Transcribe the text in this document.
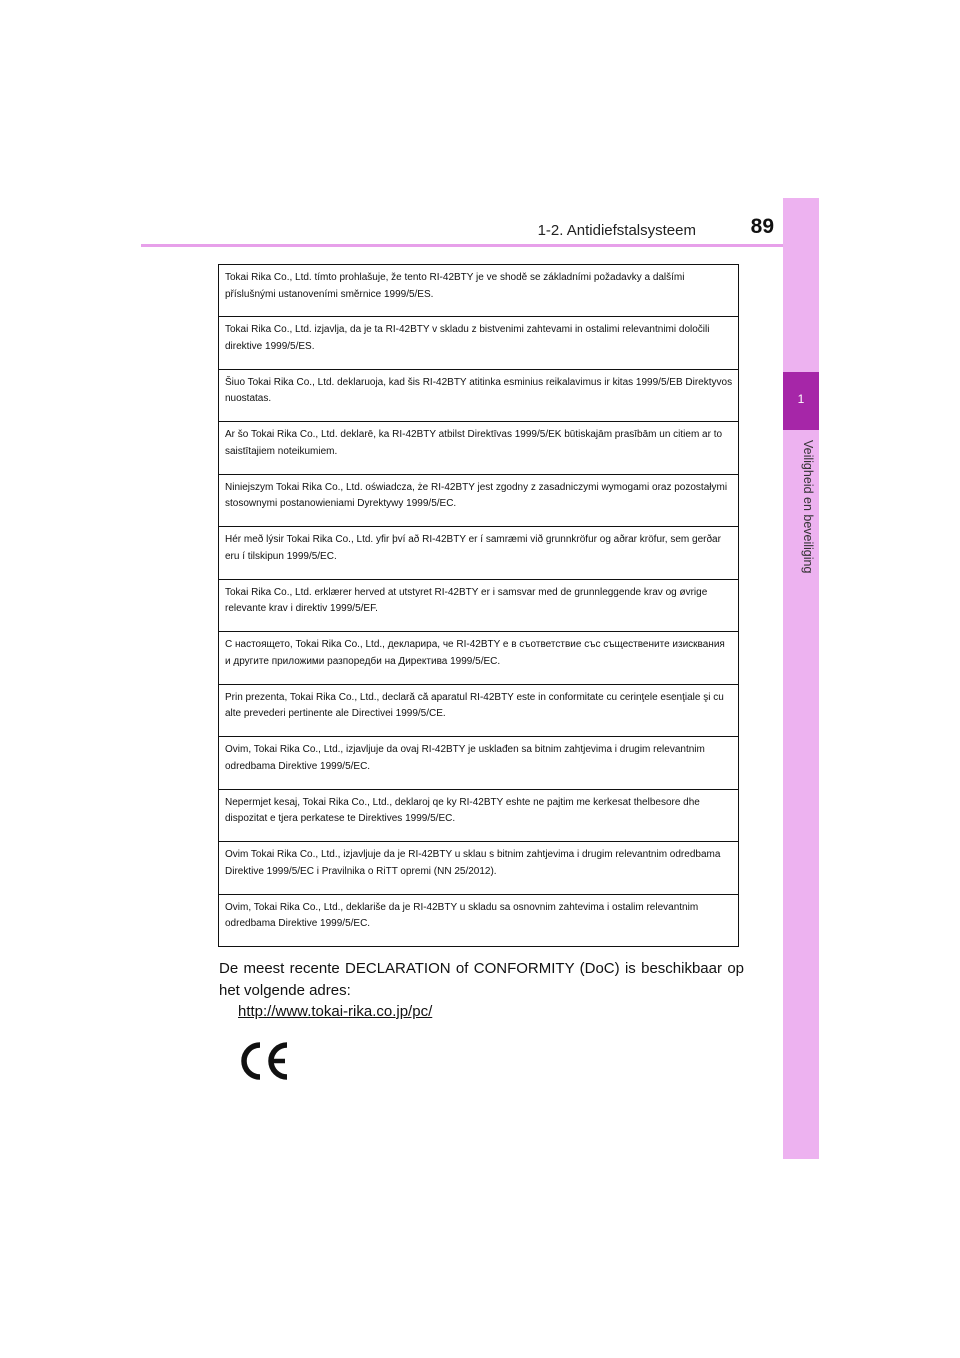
1-2. Antidiefstalsysteem	89
1
Veiligheid en beveiliging
Tokai Rika Co., Ltd. tímto prohlašuje, že tento RI-42BTY je ve shodě se základními požadavky a dalšími příslušnými ustanoveními směrnice 1999/5/ES.
Tokai Rika Co., Ltd. izjavlja, da je ta RI-42BTY v skladu z bistvenimi zahtevami in ostalimi relevantnimi določili direktive 1999/5/ES.
Šiuo Tokai Rika Co., Ltd. deklaruoja, kad šis RI-42BTY atitinka esminius reikalavimus ir kitas 1999/5/EB Direktyvos nuostatas.
Ar šo Tokai Rika Co., Ltd. deklarē, ka RI-42BTY atbilst Direktīvas 1999/5/EK būtiskajām prasībām un citiem ar to saistītajiem noteikumiem.
Niniejszym Tokai Rika Co., Ltd. oświadcza, że RI-42BTY jest zgodny z zasadniczymi wymogami oraz pozostałymi stosownymi postanowieniami Dyrektywy 1999/5/EC.
Hér með lýsir Tokai Rika Co., Ltd. yfir því að RI-42BTY er í samræmi við grunnkröfur og aðrar kröfur, sem gerðar eru í tilskipun 1999/5/EC.
Tokai Rika Co., Ltd. erklærer herved at utstyret RI-42BTY er i samsvar med de grunnleggende krav og øvrige relevante krav i direktiv 1999/5/EF.
С настоящето, Tokai Rika Co., Ltd., декларира, че RI-42BTY е в съответствие със съществените изисквания и другите приложими разпоредби на Директива 1999/5/EC.
Prin prezenta, Tokai Rika Co., Ltd., declară că aparatul RI-42BTY este in conformitate cu cerinţele esenţiale şi cu alte prevederi pertinente ale Directivei 1999/5/CE.
Ovim, Tokai Rika Co., Ltd., izjavljuje da ovaj RI-42BTY je usklađen sa bitnim zahtjevima i drugim relevantnim odredbama Direktive 1999/5/EC.
Nepermjet kesaj, Tokai Rika Co., Ltd., deklaroj qe ky RI-42BTY eshte ne pajtim me kerkesat thelbesore dhe dispozitat e tjera perkatese te Direktives 1999/5/EC.
Ovim Tokai Rika Co., Ltd., izjavljuje da je RI-42BTY u sklau s bitnim zahtjevima i drugim relevantnim odredbama Direktive 1999/5/EC i Pravilnika o RiTT opremi (NN 25/2012).
Ovim, Tokai Rika Co., Ltd., deklariše da je RI-42BTY u skladu sa osnovnim zahtevima i ostalim relevantnim odredbama Direktive 1999/5/EC.
De meest recente DECLARATION of CONFORMITY (DoC) is beschikbaar op het volgende adres:
http://www.tokai-rika.co.jp/pc/
